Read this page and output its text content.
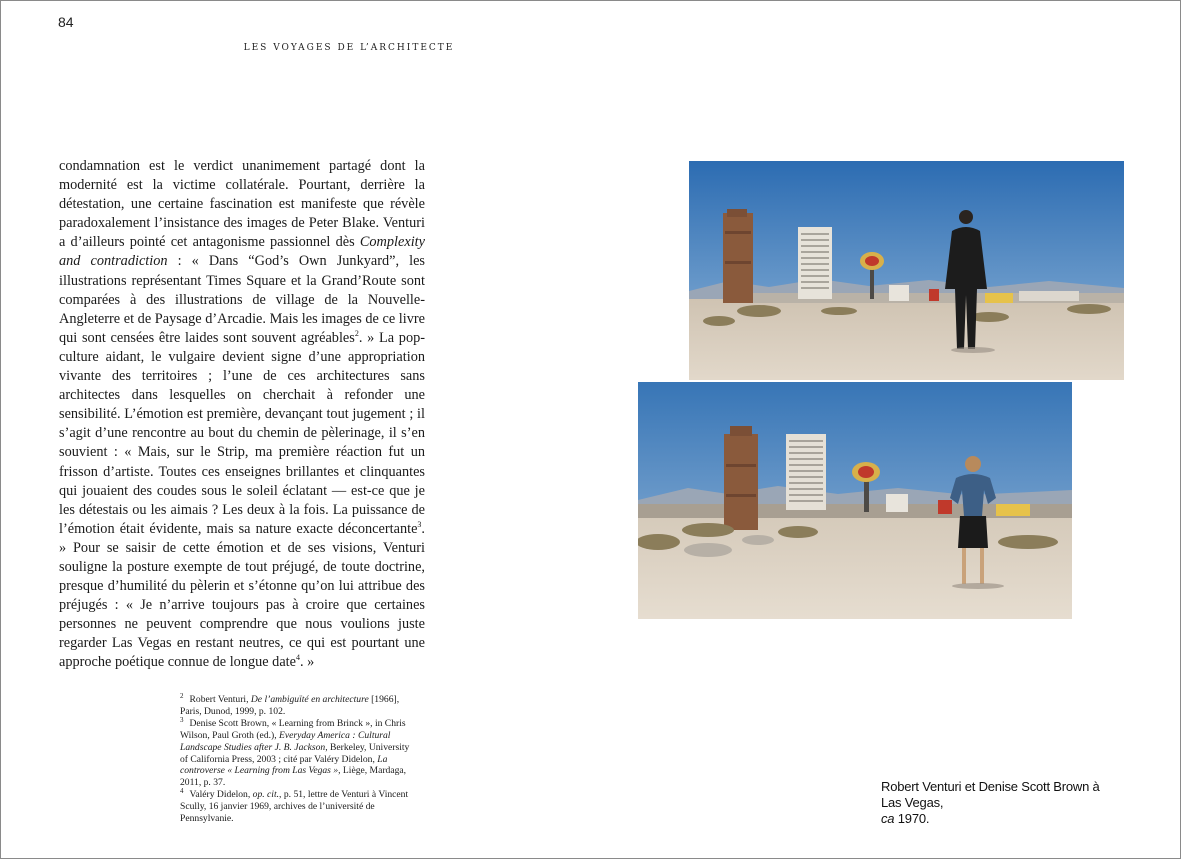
84
LES VOYAGES DE L’ARCHITECTE

condamnation est le verdict unanimement partagé dont la modernité est la victime collatérale. Pourtant, derrière la détestation, une certaine fascination est manifeste que révèle paradoxalement l’insistance des images de Peter Blake. Venturi a d’ailleurs pointé cet antagonisme passionnel dès Complexity and contradiction : « Dans “God’s Own Junkyard”, les illustrations représentant Times Square et la Grand’Route sont comparées à des illustrations de village de la Nouvelle-Angleterre et de Paysage d’Arcadie. Mais les images de ce livre qui sont censées être laides sont souvent agréables$^2$. » La pop-culture aidant, le vulgaire devient signe d’une appropriation vivante des territoires ; l’une de ces architectures sans architectes dans lesquelles on cherchait à refonder une sensibilité. L’émotion est première, devançant tout jugement ; il s’agit d’une rencontre au bout du chemin de pèlerinage, il s’en souvient : « Mais, sur le Strip, ma première réaction fut un frisson d’artiste. Toutes ces enseignes brillantes et clinquantes qui jouaient des coudes sous le soleil éclatant — est-ce que je les détestais ou les aimais ? Les deux à la fois. La puissance de l’émotion était évidente, mais sa nature exacte déconcertante$^3$. » Pour se saisir de cette émotion et de ses visions, Venturi souligne la posture exempte de tout préjugé, de toute doctrine, presque d’humilité du pèlerin et s’étonne qu’on lui attribue des préjugés : « Je n’arrive toujours pas à croire que certaines personnes ne peuvent comprendre que nous voulions juste regarder Las Vegas en restant neutres, ce qui est pourtant une approche poétique connue de longue date$^4$. »

$^2$ Robert Venturi, De l’ambiguïté en architecture [1966], Paris, Dunod, 1999, p. 102.

$^3$ Denise Scott Brown, « Learning from Brinck », in Chris Wilson, Paul Groth (ed.), Everyday America : Cultural Landscape Studies after J. B. Jackson, Berkeley, University of California Press, 2003 ; cité par Valéry Didelon, La controverse « Learning from Las Vegas », Liège, Mardaga, 2011, p. 37.

$^4$ Valéry Didelon, op. cit., p. 51, lettre de Venturi à Vincent Scully, 16 janvier 1969, archives de l’université de Pennsylvanie.

Robert Venturi et Denise Scott Brown à Las Vegas,
ca 1970.
